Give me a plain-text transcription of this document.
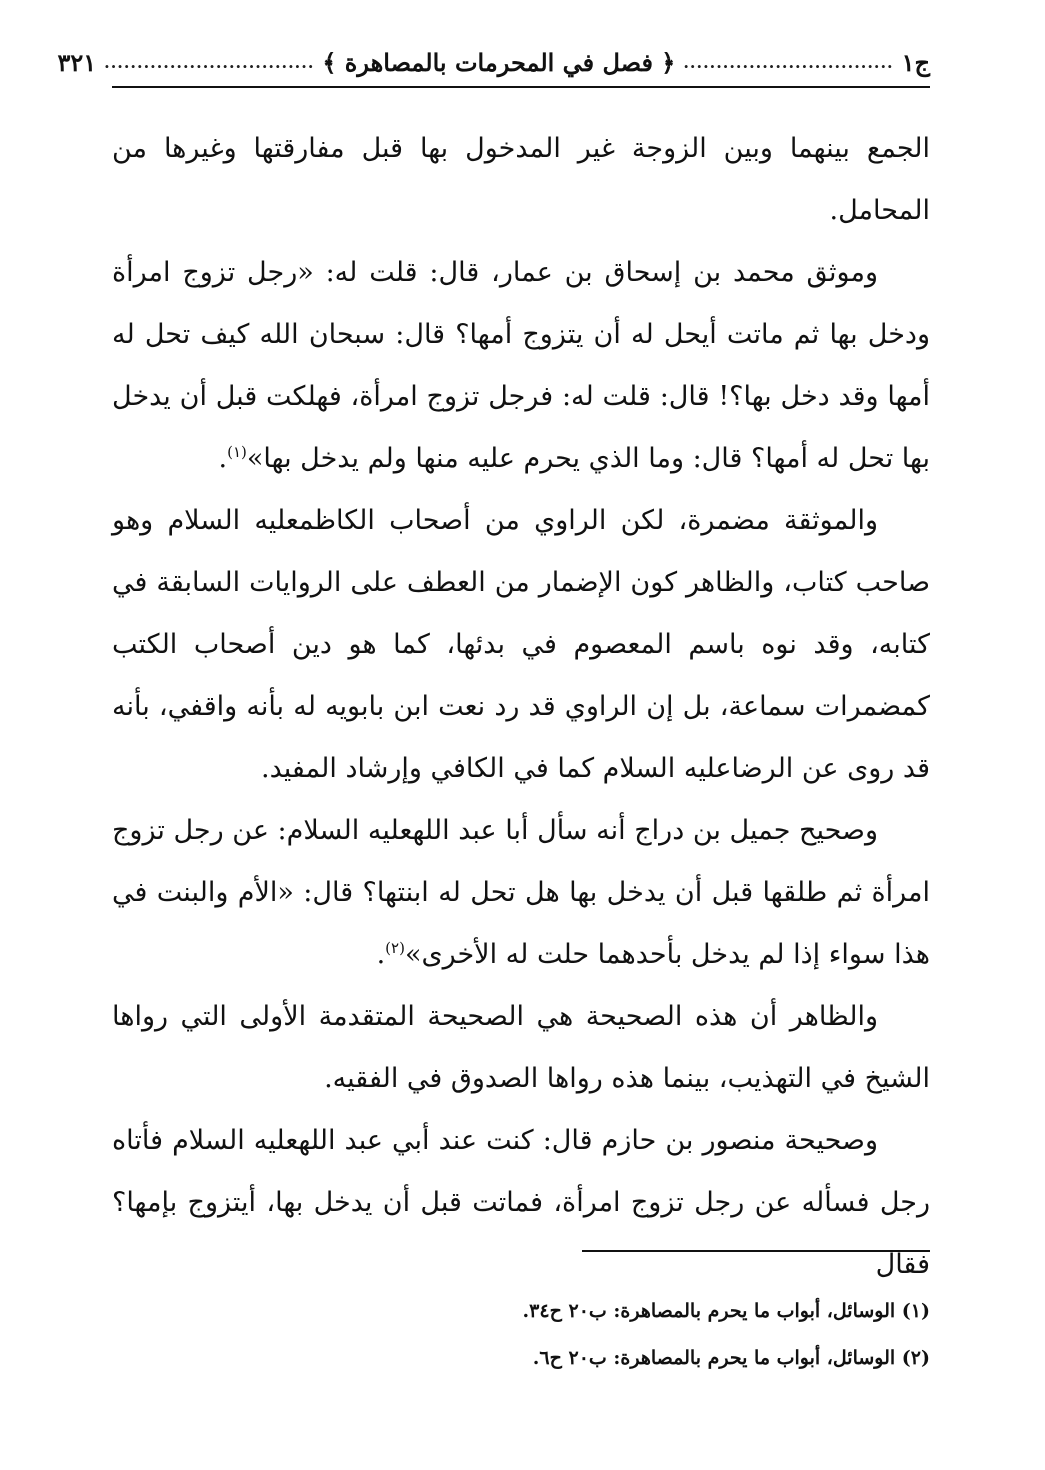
ج١
................................
﴿ فصل في المحرمات بالمصاهرة ﴾
................................
٣٢١

الجمع بينهما وبين الزوجة غير المدخول بها قبل مفارقتها وغيرها من المحامل.

وموثق محمد بن إسحاق بن عمار، قال: قلت له: «رجل تزوج امرأة ودخل بها ثم ماتت أيحل له أن يتزوج أمها؟ قال: سبحان الله كيف تحل له أمها وقد دخل بها؟! قال: قلت له: فرجل تزوج امرأة، فهلكت قبل أن يدخل بها تحل له أمها؟ قال: وما الذي يحرم عليه منها ولم يدخل بها»$^{(١)}$.

والموثقة مضمرة، لكن الراوي من أصحاب الكاظمعليه السلام وهو صاحب كتاب، والظاهر كون الإضمار من العطف على الروايات السابقة في كتابه، وقد نوه باسم المعصوم في بدئها، كما هو دين أصحاب الكتب كمضمرات سماعة، بل إن الراوي قد رد نعت ابن بابويه له بأنه واقفي، بأنه قد روى عن الرضاعليه السلام كما في الكافي وإرشاد المفيد.

وصحيح جميل بن دراج أنه سأل أبا عبد اللهعليه السلام: عن رجل تزوج امرأة ثم طلقها قبل أن يدخل بها هل تحل له ابنتها؟ قال: «الأم والبنت في هذا سواء إذا لم يدخل بأحدهما حلت له الأخرى»$^{(٢)}$.

والظاهر أن هذه الصحيحة هي الصحيحة المتقدمة الأولى التي رواها الشيخ في التهذيب، بينما هذه رواها الصدوق في الفقيه.

وصحيحة منصور بن حازم قال: كنت عند أبي عبد اللهعليه السلام فأتاه رجل فسأله عن رجل تزوج امرأة، فماتت قبل أن يدخل بها، أيتزوج بإمها؟ فقال

(١) الوسائل، أبواب ما يحرم بالمصاهرة: ب٢٠ ح٣٤.
(٢) الوسائل، أبواب ما يحرم بالمصاهرة: ب٢٠ ح٦.
